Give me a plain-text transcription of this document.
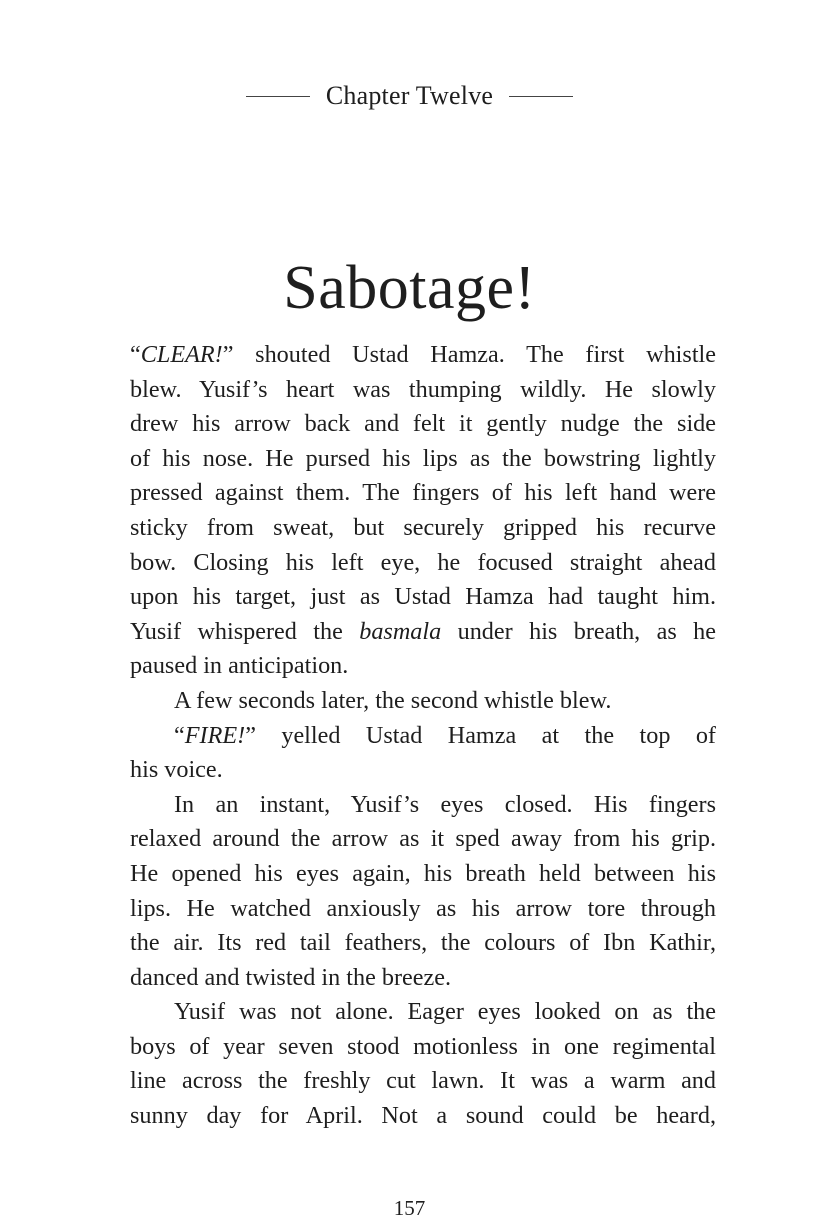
Chapter Twelve
Sabotage!
“CLEAR!” shouted Ustad Hamza. The first whistle
blew. Yusif’s heart was thumping wildly. He slowly
drew his arrow back and felt it gently nudge the side
of his nose. He pursed his lips as the bowstring lightly
pressed against them. The fingers of his left hand were
sticky from sweat, but securely gripped his recurve
bow. Closing his left eye, he focused straight ahead
upon his target, just as Ustad Hamza had taught him.
Yusif whispered the basmala under his breath, as he
paused in anticipation.
A few seconds later, the second whistle blew.
“FIRE!” yelled Ustad Hamza at the top of
his voice.
In an instant, Yusif’s eyes closed. His fingers
relaxed around the arrow as it sped away from his grip.
He opened his eyes again, his breath held between his
lips. He watched anxiously as his arrow tore through
the air. Its red tail feathers, the colours of Ibn Kathir,
danced and twisted in the breeze.
Yusif was not alone. Eager eyes looked on as the
boys of year seven stood motionless in one regimental
line across the freshly cut lawn. It was a warm and
sunny day for April. Not a sound could be heard,
157
